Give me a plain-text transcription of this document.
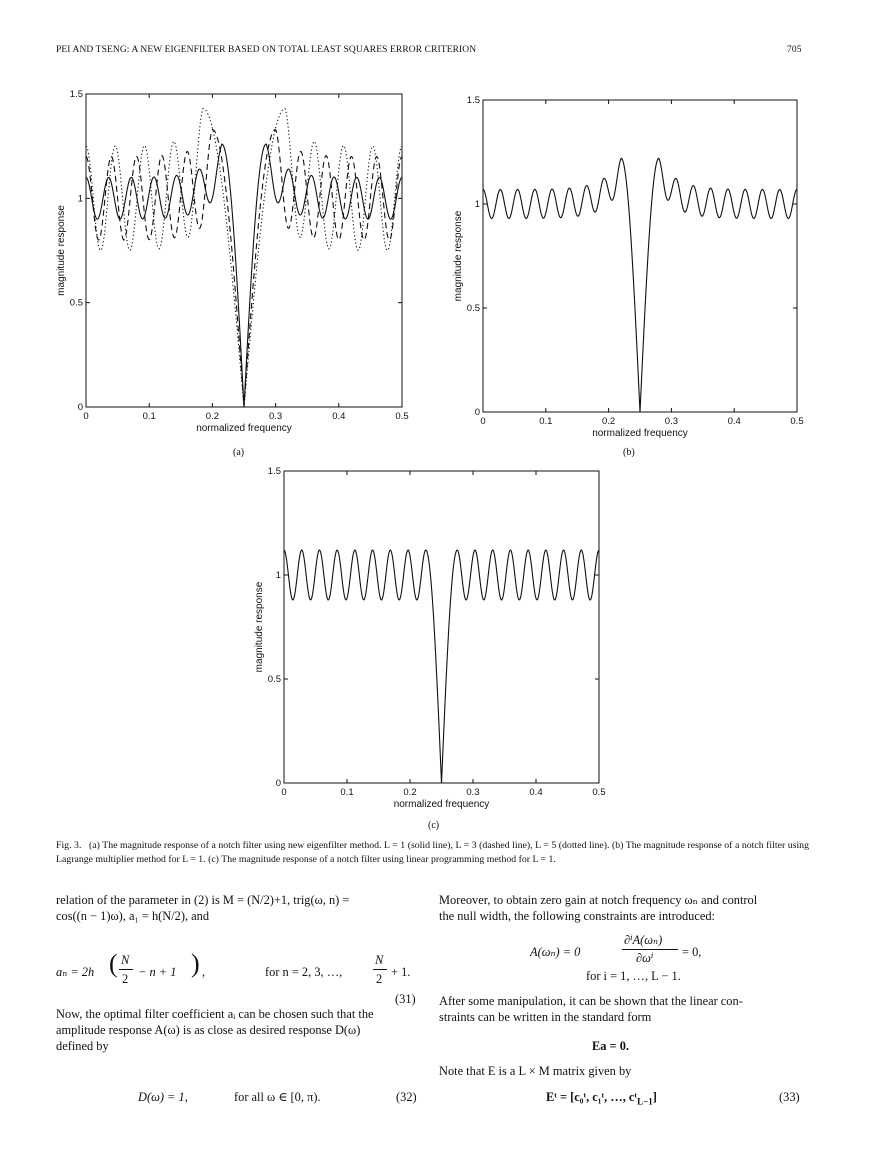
PEI AND TSENG: A NEW EIGENFILTER BASED ON TOTAL LEAST SQUARES ERROR CRITERION	705
0	0.1	0.2	0.3	0.4	0.5
0
0.5
1
1.5
normalized frequency
magnitude response
(a)
0	0.1	0.2	0.3	0.4	0.5
0
0.5
1
1.5
normalized frequency
magnitude response
(b)
0	0.1	0.2	0.3	0.4	0.5
0
0.5
1
1.5
normalized frequency
magnitude response
(c)
Fig. 3. (a) The magnitude response of a notch filter using new eigenfilter method. L = 1 (solid line), L = 3 (dashed line), L = 5 (dotted line). (b) The magnitude response of a notch filter using Lagrange multiplier method for L = 1. (c) The magnitude response of a notch filter using linear programming method for L = 1.
relation of the parameter in (2) is M = (N/2)+1, trig(ω, n) =
cos((n − 1)ω), a₁ = h(N/2), and
aₙ = 2h ( N
2 − n + 1 ) ,	for n = 2, 3, …,
N
2 + 1.
(31)
Now, the optimal filter coefficient aᵢ can be chosen such that the
amplitude response A(ω) is as close as desired response D(ω)
defined by
D(ω) = 1,	for all ω ∈ [0, π).	(32)
Moreover, to obtain zero gain at notch frequency ωₙ and control
the null width, the following constraints are introduced:
A(ωₙ) = 0
∂ⁱA(ωₙ)
∂ωⁱ = 0,
for i = 1, …, L − 1.
After some manipulation, it can be shown that the linear con-
straints can be written in the standard form
Ea = 0.
Note that E is a L × M matrix given by
Eᵗ = [c₀ᵗ, c₁ᵗ, …, cᵗ$_{L-1}$]	(33)
